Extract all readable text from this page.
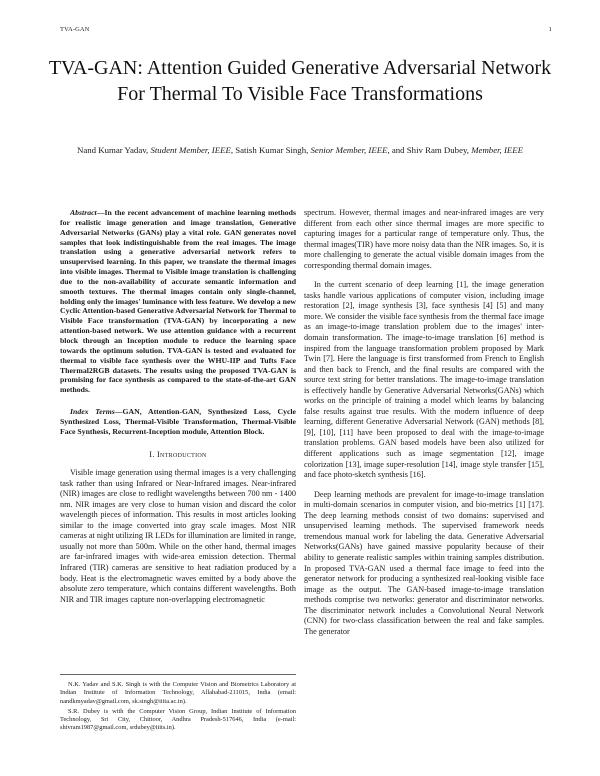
TVA-GAN	1
TVA-GAN: Attention Guided Generative Adversarial Network For Thermal To Visible Face Transformations
Nand Kumar Yadav, Student Member, IEEE, Satish Kumar Singh, Senior Member, IEEE, and Shiv Ram Dubey, Member, IEEE

Abstract—In the recent advancement of machine learning methods for realistic image generation and image translation, Generative Adversarial Networks (GANs) play a vital role. GAN generates novel samples that look indistinguishable from the real images. The image translation using a generative adversarial network refers to unsupervised learning. In this paper, we translate the thermal images into visible images. Thermal to Visible image translation is challenging due to the non-availability of accurate semantic information and smooth textures. The thermal images contain only single-channel, holding only the images' luminance with less feature. We develop a new Cyclic Attention-based Generative Adversarial Network for Thermal to Visible Face transformation (TVA-GAN) by incorporating a new attention-based network. We use attention guidance with a recurrent block through an Inception module to reduce the learning space towards the optimum solution. TVA-GAN is tested and evaluated for thermal to visible face synthesis over the WHU-IIP and Tufts Face Thermal2RGB datasets. The results using the proposed TVA-GAN is promising for face synthesis as compared to the state-of-the-art GAN methods.

Index Terms—GAN, Attention-GAN, Synthesized Loss, Cycle Synthesized Loss, Thermal-Visible Transformation, Thermal-Visible Face Synthesis, Recurrent-Inception module, Attention Block.

I. Introduction

Visible image generation using thermal images is a very challenging task rather than using Infrared or Near-Infrared images. Near-infrared (NIR) images are close to redlight wavelengths between 700 nm - 1400 nm. NIR images are very close to human vision and discard the color wavelength pieces of information. This results in most articles looking similar to the image converted into gray scale images. Most NIR cameras at night utilizing IR LEDs for illumination are limited in range, usually not more than 500m. While on the other hand, thermal images are far-infrared images with wide-area emission detection. Thermal Infrared (TIR) cameras are sensitive to heat radiation produced by a body. Heat is the electromagnetic waves emitted by a body above the absolute zero temperature, which contains different wavelengths. Both NIR and TIR images capture non-overlapping electromagnetic

N.K. Yadav and S.K. Singh is with the Computer Vision and Biometrics Laboratory at Indian Institute of Information Technology, Allahabad-211015, India (email: nandkmyadav@gmail.com, sk.singh@iiita.ac.in).

S.R. Dubey is with the Computer Vision Group, Indian Institute of Information Technology, Sri City, Chittoor, Andhra Pradesh-517646, India (e-mail: shivram1987@gmail.com, srdubey@iiits.in).

spectrum. However, thermal images and near-infrared images are very different from each other since thermal images are more specific to capturing images for a particular range of temperature only. Thus, the thermal images(TIR) have more noisy data than the NIR images. So, it is more challenging to generate the actual visible domain images from the corresponding thermal domain images.

In the current scenario of deep learning [1], the image generation tasks handle various applications of computer vision, including image restoration [2], image synthesis [3], face synthesis [4] [5] and many more. We consider the visible face synthesis from the thermal face image as an image-to-image translation problem due to the images' inter-domain transformation. The image-to-image translation [6] method is inspired from the language transformation problem proposed by Mark Twin [7]. Here the language is first transformed from French to English and then back to French, and the final results are compared with the source text string for better translations. The image-to-image translation is effectively handle by Generative Adversarial Networks(GANs) which works on the principle of training a model which learns by balancing false results against true results. With the modern influence of deep learning, different Generative Adversarial Network (GAN) methods [8], [9], [10], [11] have been proposed to deal with the image-to-image translation problems. GAN based models have been also utilized for different applications such as image segmentation [12], image colorization [13], image super-resolution [14], image style transfer [15], and face photo-sketch synthesis [16].

Deep learning methods are prevalent for image-to-image translation in multi-domain scenarios in computer vision, and bio-metrics [1] [17]. The deep learning methods consist of two domains: supervised and unsupervised learning methods. The supervised framework needs tremendous manual work for labeling the data. Generative Adversarial Networks(GANs) have gained massive popularity because of their ability to generate realistic samples within training samples distribution. In proposed TVA-GAN used a thermal face image to feed into the generator network for producing a synthesized real-looking visible face image as the output. The GAN-based image-to-image translation methods comprise two networks: generator and discriminator networks. The discriminator network includes a Convolutional Neural Network (CNN) for two-class classification between the real and fake samples. The generator
